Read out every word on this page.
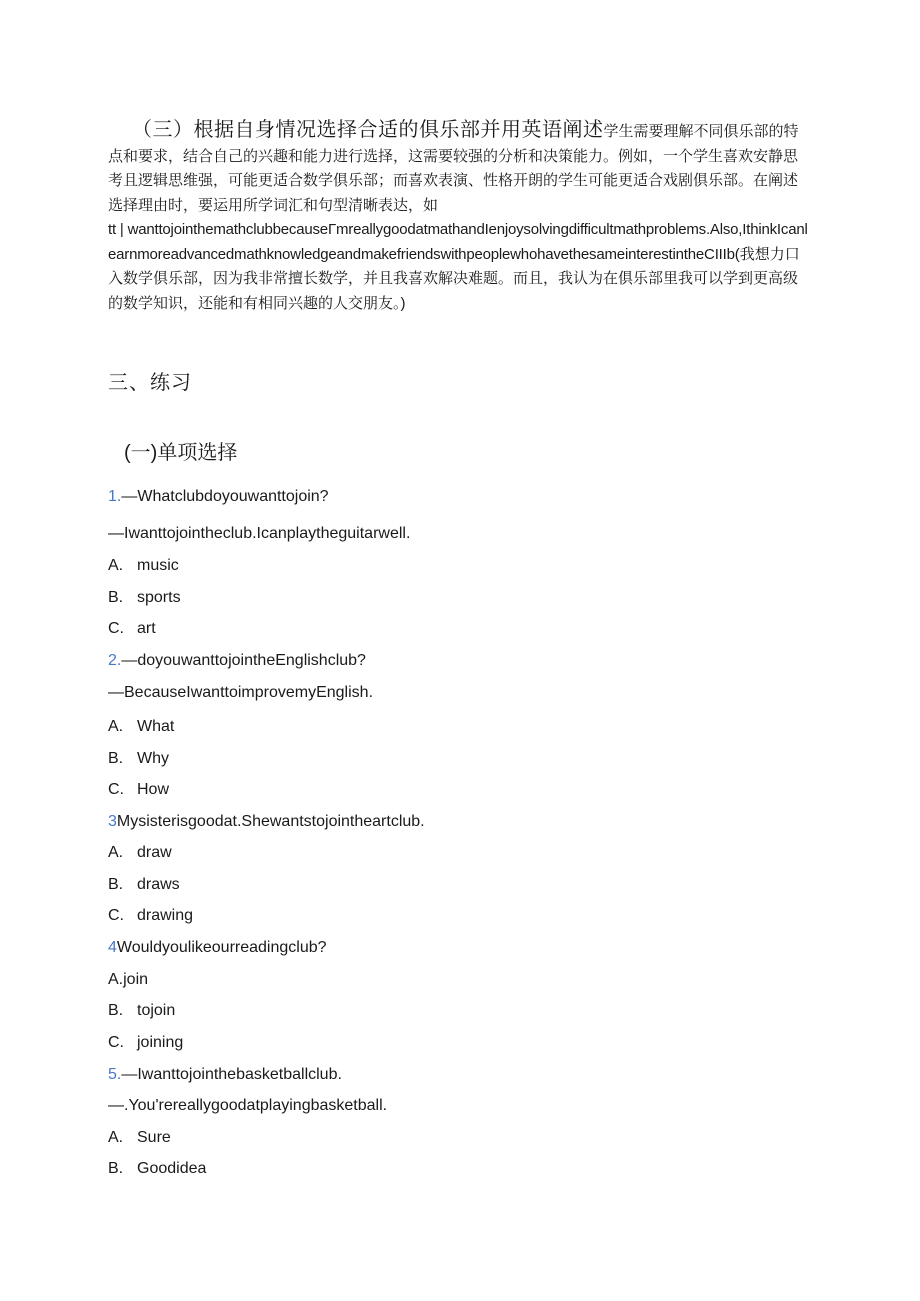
（三）根据自身情况选择合适的俱乐部并用英语阐述学生需要理解不同俱乐部的特点和要求，结合自己的兴趣和能力进行选择，这需要较强的分析和决策能力。例如，一个学生喜欢安静思考且逻辑思维强，可能更适合数学俱乐部；而喜欢表演、性格开朗的学生可能更适合戏剧俱乐部。在阐述选择理由时，要运用所学词汇和句型清晰表达，如
tt | wanttojointhemathclubbecauseΓmreallygoodatmathandIenjoysolvingdifficultmathproblems.Also,IthinkIcanlearnmoreadvancedmathknowledgeandmakefriendswithpeoplewhohavethesameinterestintheCIIIb(我想力口入数学俱乐部，因为我非常擅长数学，并且我喜欢解决难题。而且，我认为在俱乐部里我可以学到更高级的数学知识，还能和有相同兴趣的人交朋友。)
三、练习
(一)单项选择
1.—Whatclubdoyouwanttojoin?
—Iwanttojointheclub.Icanplaytheguitarwell.
A. music
B. sports
C. art
2.—doyouwanttojointheEnglishclub?
—BecauseIwanttoimprovemyEnglish.
A. What
B. Why
C. How
3Mysisterisgoodat.Shewantstojointheartclub.
A. draw
B. draws
C. drawing
4Wouldyoulikeourreadingclub?
A.join
B. tojoin
C. joining
5.—Iwanttojointhebasketballclub.
—.You'rereallygoodatplayingbasketball.
A. Sure
B. Goodidea
